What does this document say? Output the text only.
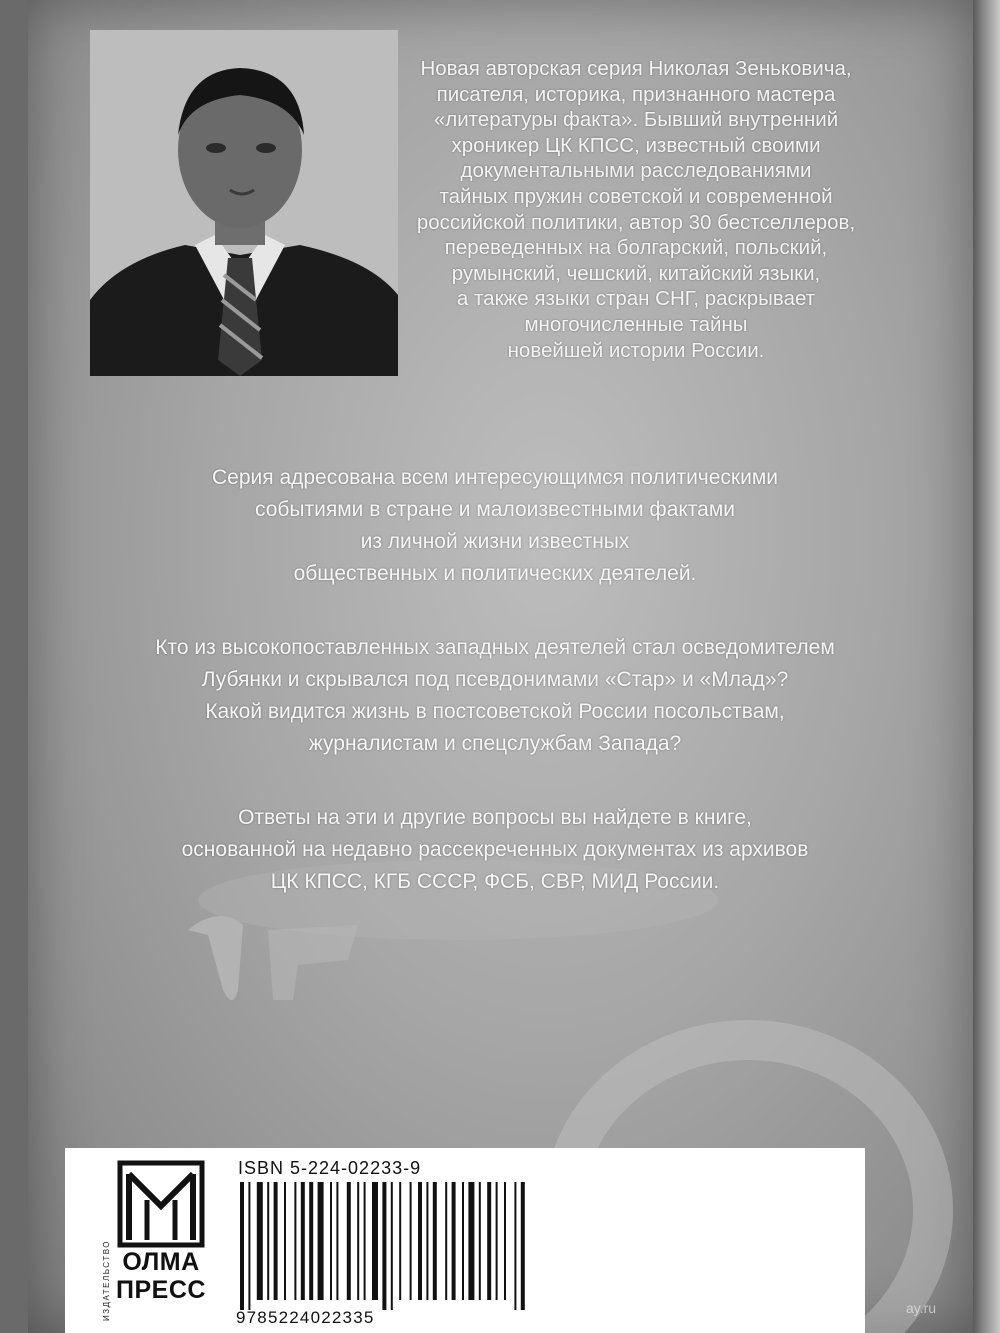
Новая авторская серия Николая Зеньковича,

писателя, историка, признанного мастера

«литературы факта». Бывший внутренний

хроникер ЦК КПСС, известный своими

документальными расследованиями

тайных пружин советской и современной

российской политики, автор 30 бестселлеров,

переведенных на болгарский, польский,

румынский, чешский, китайский языки,

а также языки стран СНГ, раскрывает

многочисленные тайны

новейшей истории России.

Серия адресована всем интересующимся политическими

событиями в стране и малоизвестными фактами

из личной жизни известных

общественных и политических деятелей.

Кто из высокопоставленных западных деятелей стал осведомителем

Лубянки и скрывался под псевдонимами «Стар» и «Млад»?

Какой видится жизнь в постсоветской России посольствам,

журналистам и спецслужбам Запада?

Ответы на эти и другие вопросы вы найдете в книге,

основанной на недавно рассекреченных документах из архивов

ЦК КПСС, КГБ СССР, ФСБ, СВР, МИД России.

ИЗДАТЕЛЬСТВО ОЛМА
ПРЕСС
ISBN 5-224-02233-9
9785224022335	ay.ru
